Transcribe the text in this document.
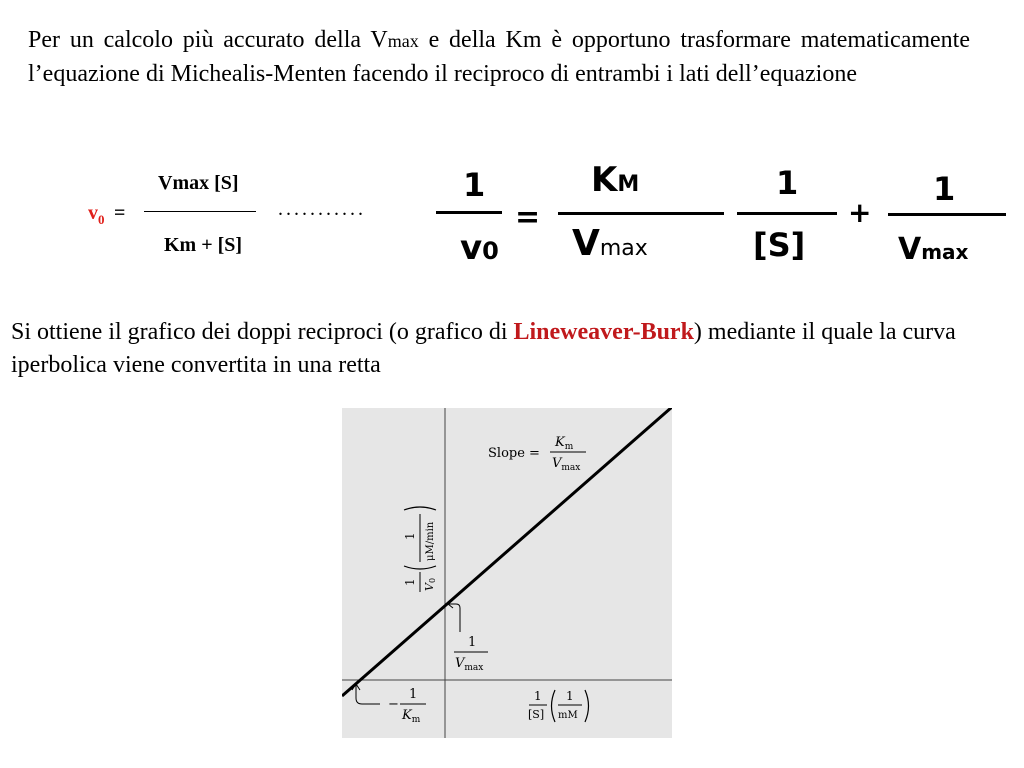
Per un calcolo più accurato della Vmax e della Km è opportuno trasformare matematicamente l’equazione di Michealis-Menten facendo il reciproco di entrambi i lati dell’equazione
$v_0$ =
Vmax [S]
Km + [S]
...........
1
v0
=
KM
Vmax
1
[S]
+
1
Vmax
Si ottiene il grafico dei doppi reciproci (o grafico di Lineweaver-Burk) mediante il quale la curva iperbolica viene convertita in una retta
Slope =
$K_m$
$V_{max}$
1
$V_{max}$
−
1
$K_m$
1
[S]
1
mM
1
V0
1 μM/min
